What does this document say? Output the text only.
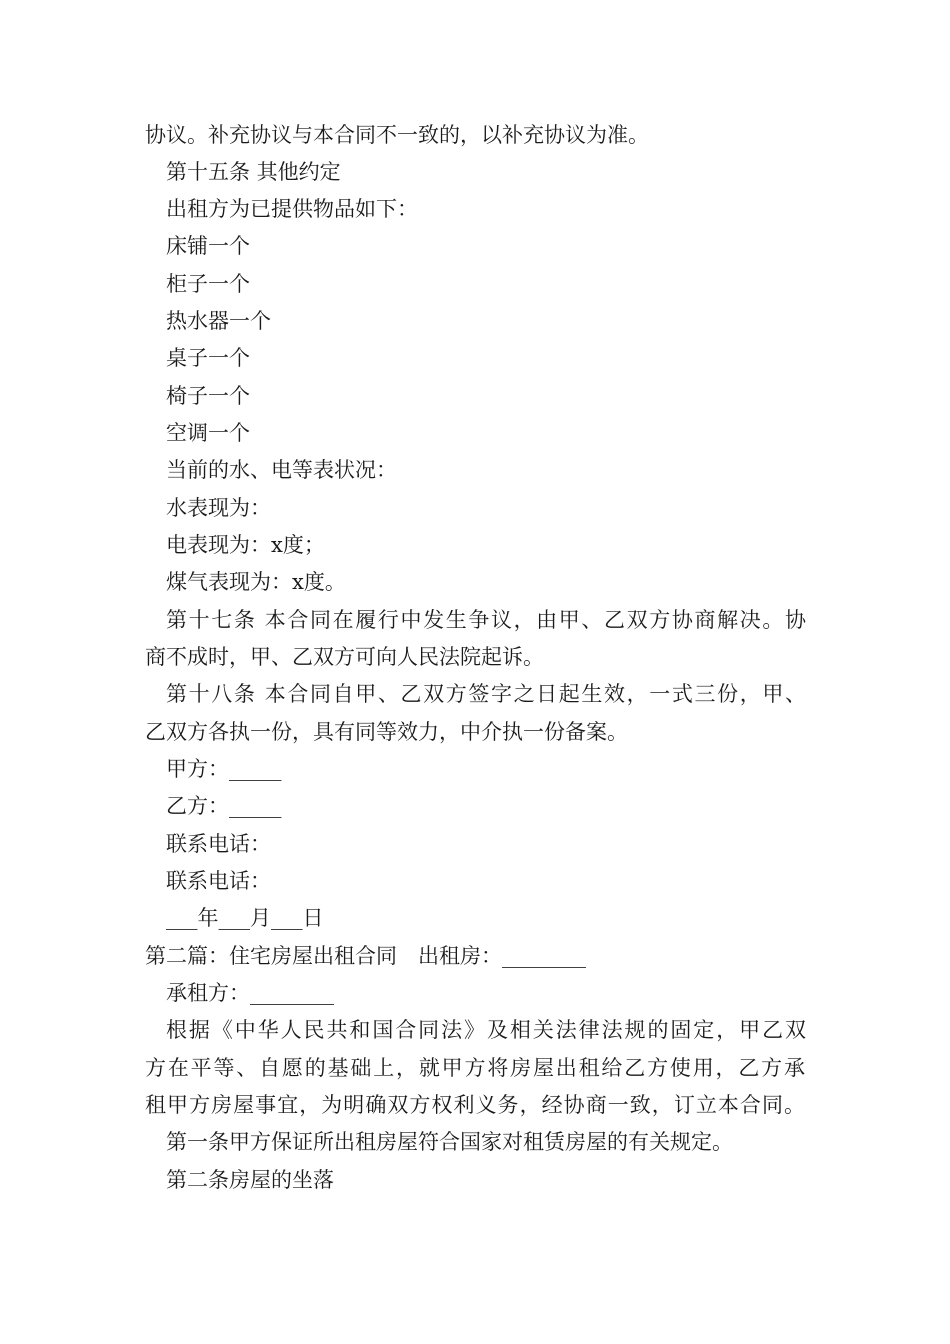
协议。补充协议与本合同不一致的，以补充协议为准。
第十五条 其他约定
出租方为已提供物品如下：
床铺一个
柜子一个
热水器一个
桌子一个
椅子一个
空调一个
当前的水、电等表状况：
水表现为：
电表现为：x度；
煤气表现为：x度。
第十七条 本合同在履行中发生争议，由甲、乙双方协商解决。协
商不成时，甲、乙双方可向人民法院起诉。
第十八条 本合同自甲、乙双方签字之日起生效，一式三份，甲、
乙双方各执一份，具有同等效力，中介执一份备案。
甲方：_____
乙方：_____
联系电话：
联系电话：
___年___月___日
第二篇：住宅房屋出租合同　出租房：________
承租方：________
根据《中华人民共和国合同法》及相关法律法规的固定，甲乙双
方在平等、自愿的基础上，就甲方将房屋出租给乙方使用，乙方承
租甲方房屋事宜，为明确双方权利义务，经协商一致，订立本合同。
第一条甲方保证所出租房屋符合国家对租赁房屋的有关规定。
第二条房屋的坐落
